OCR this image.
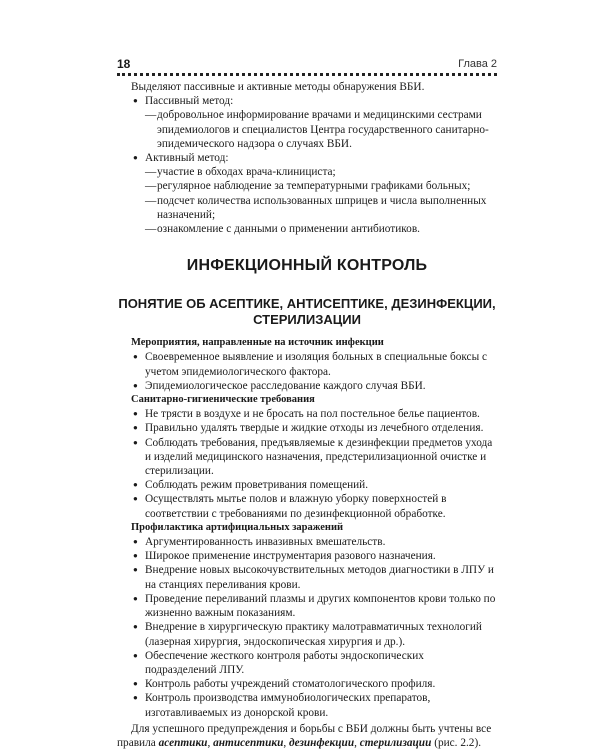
18	Глава 2

Выделяют пассивные и активные методы обнаружения ВБИ.

● Пассивный метод:
— добровольное информирование врачами и медицинскими сестрами эпидемиологов и специалистов Центра государственного санитарно-эпидемического надзора о случаях ВБИ.
● Активный метод:
— участие в обходах врача-клинициста;
— регулярное наблюдение за температурными графиками больных;
— подсчет количества использованных шприцев и числа выполненных назначений;
— ознакомление с данными о применении антибиотиков.
ИНФЕКЦИОННЫЙ КОНТРОЛЬ
ПОНЯТИЕ ОБ АСЕПТИКЕ, АНТИСЕПТИКЕ, ДЕЗИНФЕКЦИИ, СТЕРИЛИЗАЦИИ

Мероприятия, направленные на источник инфекции

● Своевременное выявление и изоляция больных в специальные боксы с учетом эпидемиологического фактора.
● Эпидемиологическое расследование каждого случая ВБИ.

Санитарно-гигиенические требования

● Не трясти в воздухе и не бросать на пол постельное белье пациентов.
● Правильно удалять твердые и жидкие отходы из лечебного отделения.
● Соблюдать требования, предъявляемые к дезинфекции предметов ухода и изделий медицинского назначения, предстерилизационной очистке и стерилизации.
● Соблюдать режим проветривания помещений.
● Осуществлять мытье полов и влажную уборку поверхностей в соответствии с требованиями по дезинфекционной обработке.

Профилактика артифициальных заражений

● Аргументированность инвазивных вмешательств.
● Широкое применение инструментария разового назначения.
● Внедрение новых высокочувствительных методов диагностики в ЛПУ и на станциях переливания крови.
● Проведение переливаний плазмы и других компонентов крови только по жизненно важным показаниям.
● Внедрение в хирургическую практику малотравматичных технологий (лазерная хирургия, эндоскопическая хирургия и др.).
● Обеспечение жесткого контроля работы эндоскопических подразделений ЛПУ.
● Контроль работы учреждений стоматологического профиля.
● Контроль производства иммунобиологических препаратов, изготавливаемых из донорской крови.

Для успешного предупреждения и борьбы с ВБИ должны быть учтены все правила асептики, антисептики, дезинфекции, стерилизации (рис. 2.2).
